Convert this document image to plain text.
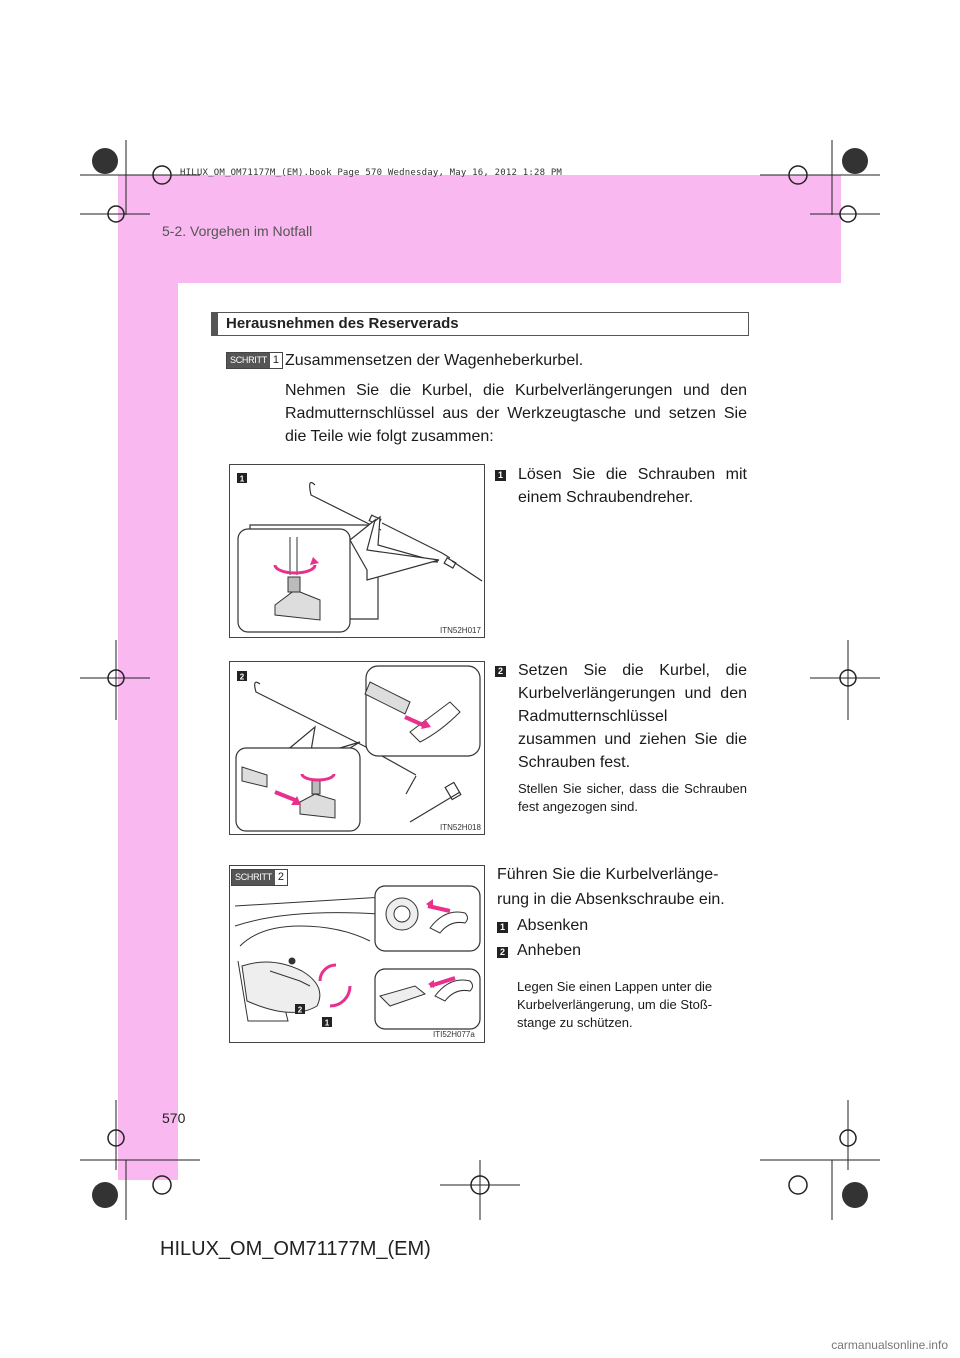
HILUX_OM_OM71177M_(EM).book Page 570 Wednesday, May 16, 2012 1:28 PM
5-2. Vorgehen im Notfall
Herausnehmen des Reserverads
SCHRITT 1 Zusammensetzen der Wagenheberkurbel.
Nehmen Sie die Kurbel, die Kurbelverlängerungen und den Radmutternschlüssel aus der Werkzeugtasche und setzen Sie die Teile wie folgt zusammen:
1
ITN52H017
1 Lösen Sie die Schrauben mit einem Schraubendreher.
2
ITN52H018
2 Setzen Sie die Kurbel, die Kurbelverlängerungen und den Radmutternschlüssel zusammen und ziehen Sie die Schrauben fest.
Stellen Sie sicher, dass die Schrauben fest angezogen sind.
2
1
ITI52H077a
SCHRITT 2	Führen Sie die Kurbelverlänge-rung in die Absenkschraube ein.
1 Absenken
2 Anheben
Legen Sie einen Lappen unter die Kurbelverlängerung, um die Stoß-stange zu schützen.
570
HILUX_OM_OM71177M_(EM)
carmanualsonline.info
